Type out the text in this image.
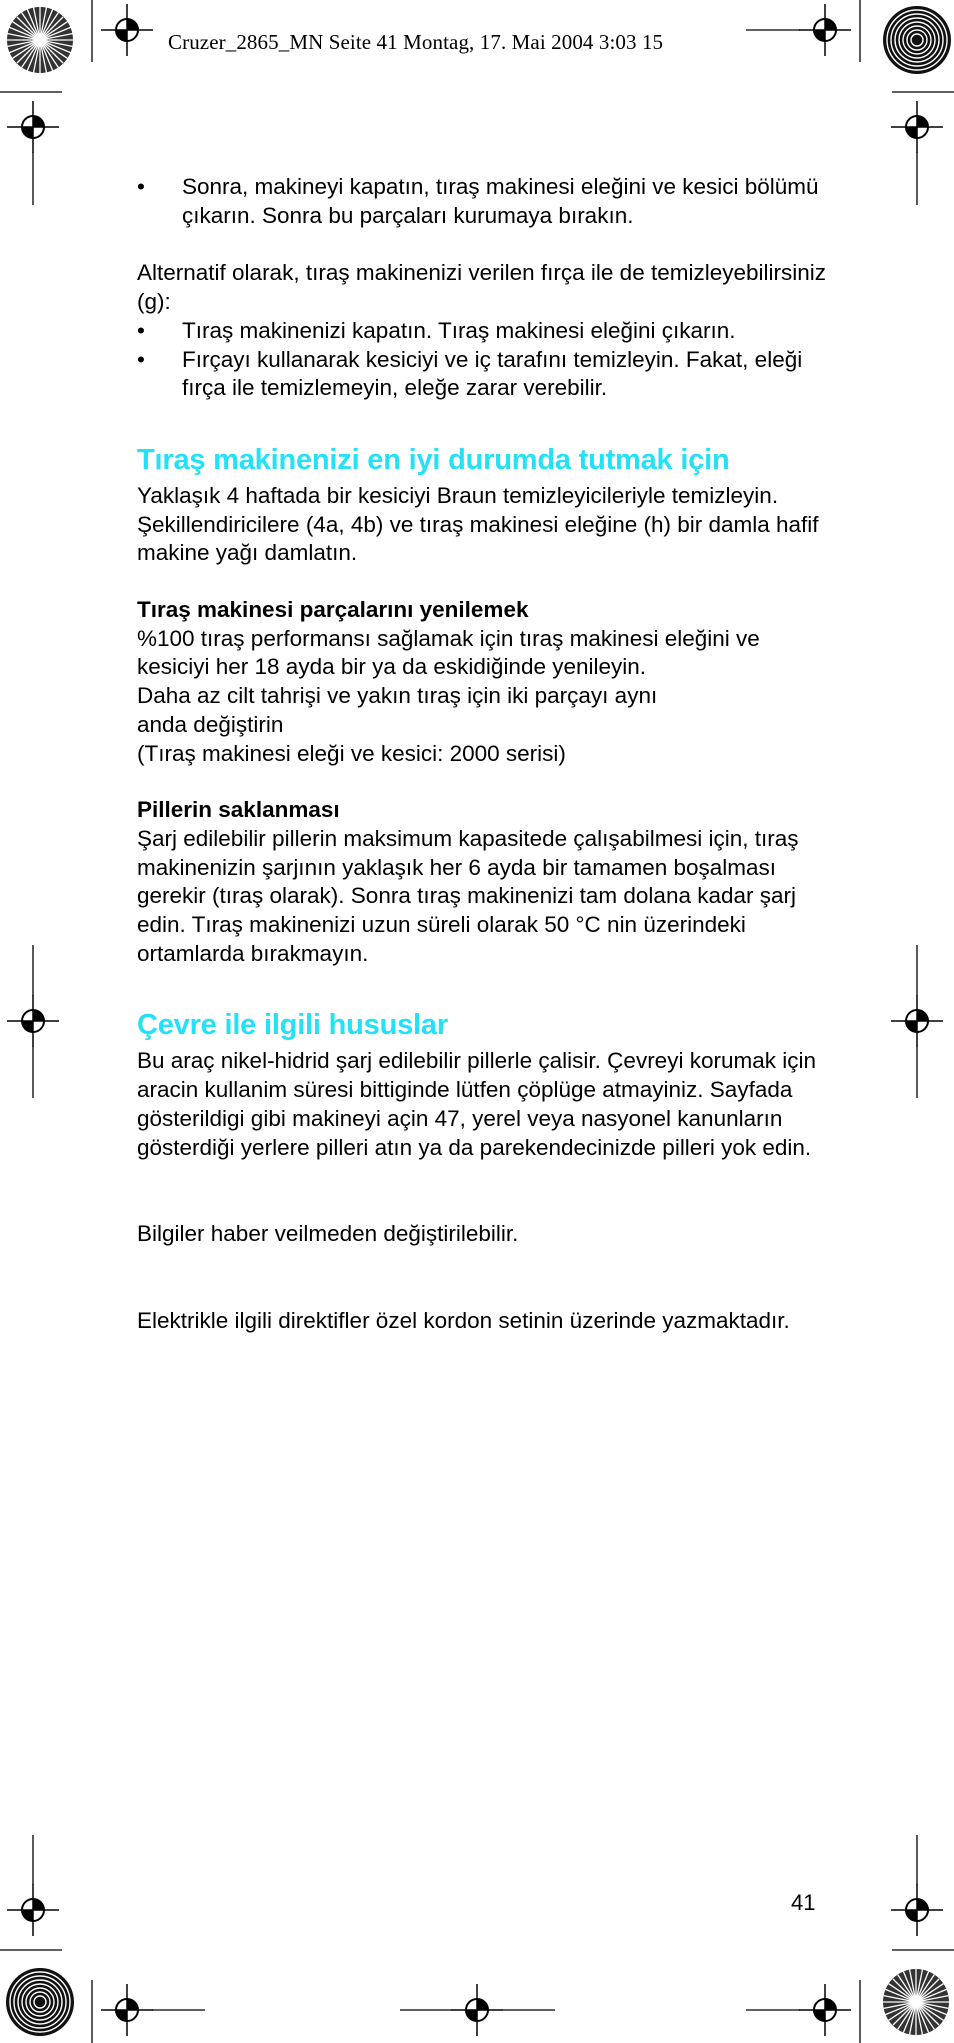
Cruzer_2865_MN Seite 41 Montag, 17. Mai 2004 3:03 15
• Sonra, makineyi kapatın, tıraş makinesi eleğini ve kesici bölümü çıkarın. Sonra bu parçaları kurumaya bırakın.

Alternatif olarak, tıraş makinenizi verilen fırça ile de temizleyebilirsiniz (g):

• Tıraş makinenizi kapatın. Tıraş makinesi eleğini çıkarın.
• Fırçayı kullanarak kesiciyi ve iç tarafını temizleyin. Fakat, eleği fırça ile temizlemeyin, eleğe zarar verebilir.
Tıraş makinenizi en iyi durumda tutmak için

Yaklaşık 4 haftada bir kesiciyi Braun temizleyicileriyle temizleyin. Şekillendiricilere (4a, 4b) ve tıraş makinesi eleğine (h) bir damla hafif makine yağı damlatın.

Tıraş makinesi parçalarını yenilemek

%100 tıraş performansı sağlamak için tıraş makinesi eleğini ve kesiciyi her 18 ayda bir ya da eskidiğinde yenileyin.

Daha az cilt tahrişi ve yakın tıraş için iki parçayı aynı

anda değiştirin

(Tıraş makinesi eleği ve kesici: 2000 serisi)

Pillerin saklanması

Şarj edilebilir pillerin maksimum kapasitede çalışabilmesi için, tıraş makinenizin şarjının yaklaşık her 6 ayda bir tamamen boşalması gerekir (tıraş olarak). Sonra tıraş makinenizi tam dolana kadar şarj edin. Tıraş makinenizi uzun süreli olarak 50 °C nin üzerindeki ortamlarda bırakmayın.

Çevre ile ilgili hususlar

Bu araç nikel-hidrid şarj edilebilir pillerle çalisir. Çevreyi korumak için aracin kullanim süresi bittiginde lütfen çöplüge atmayiniz. Sayfada gösterildigi gibi makineyi açin 47, yerel veya nasyonel kanunların gösterdiği yerlere pilleri atın ya da parekendecinizde pilleri yok edin.

Bilgiler haber veilmeden değiştirilebilir.

Elektrikle ilgili direktifler özel kordon setinin üzerinde yazmaktadır.

41
